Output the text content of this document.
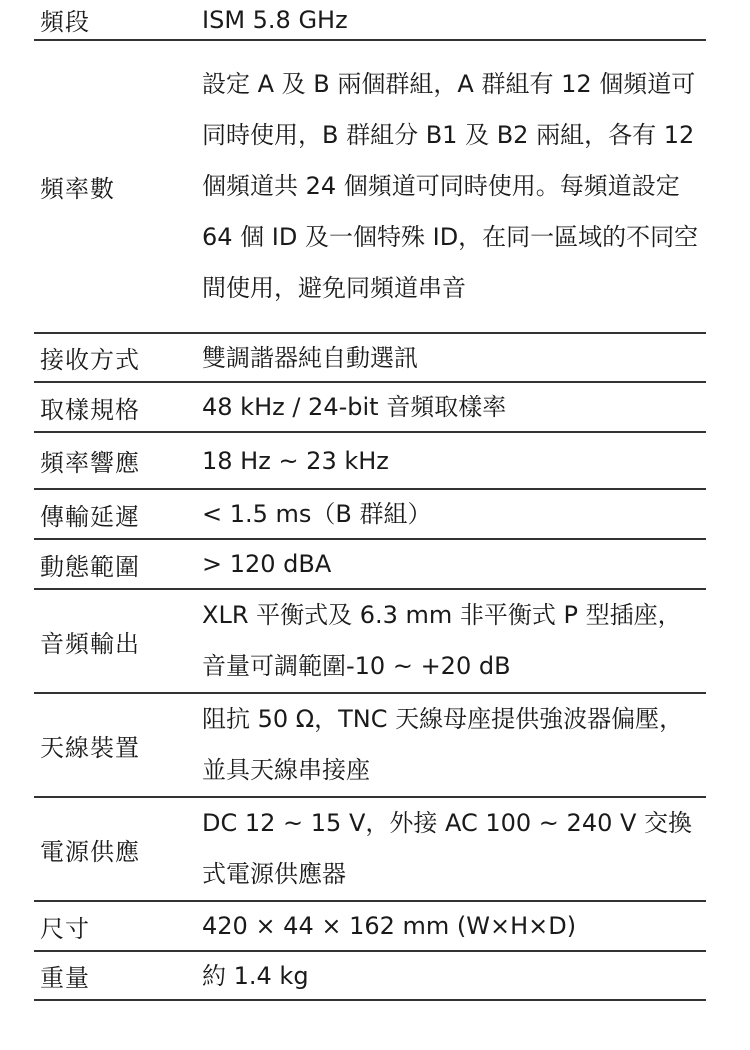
頻段	ISM 5.8 GHz
頻率數	設定 A 及 B 兩個群組，A 群組有 12 個頻道可同時使用，B 群組分 B1 及 B2 兩組，各有 12 個頻道共 24 個頻道可同時使用。每頻道設定 64 個 ID 及一個特殊 ID，在同一區域的不同空間使用，避免同頻道串音
接收方式	雙調諧器純自動選訊
取樣規格	48 kHz / 24-bit 音頻取樣率
頻率響應	18 Hz ~ 23 kHz
傳輸延遲	< 1.5 ms（B 群組）
動態範圍	> 120 dBA
音頻輸出	XLR 平衡式及 6.3 mm 非平衡式 P 型插座，音量可調範圍-10 ~ +20 dB
天線裝置	阻抗 50 Ω，TNC 天線母座提供強波器偏壓，並具天線串接座
電源供應	DC 12 ~ 15 V，外接 AC 100 ~ 240 V 交換式電源供應器
尺寸	420 × 44 × 162 mm (W×H×D)
重量	約 1.4 kg
